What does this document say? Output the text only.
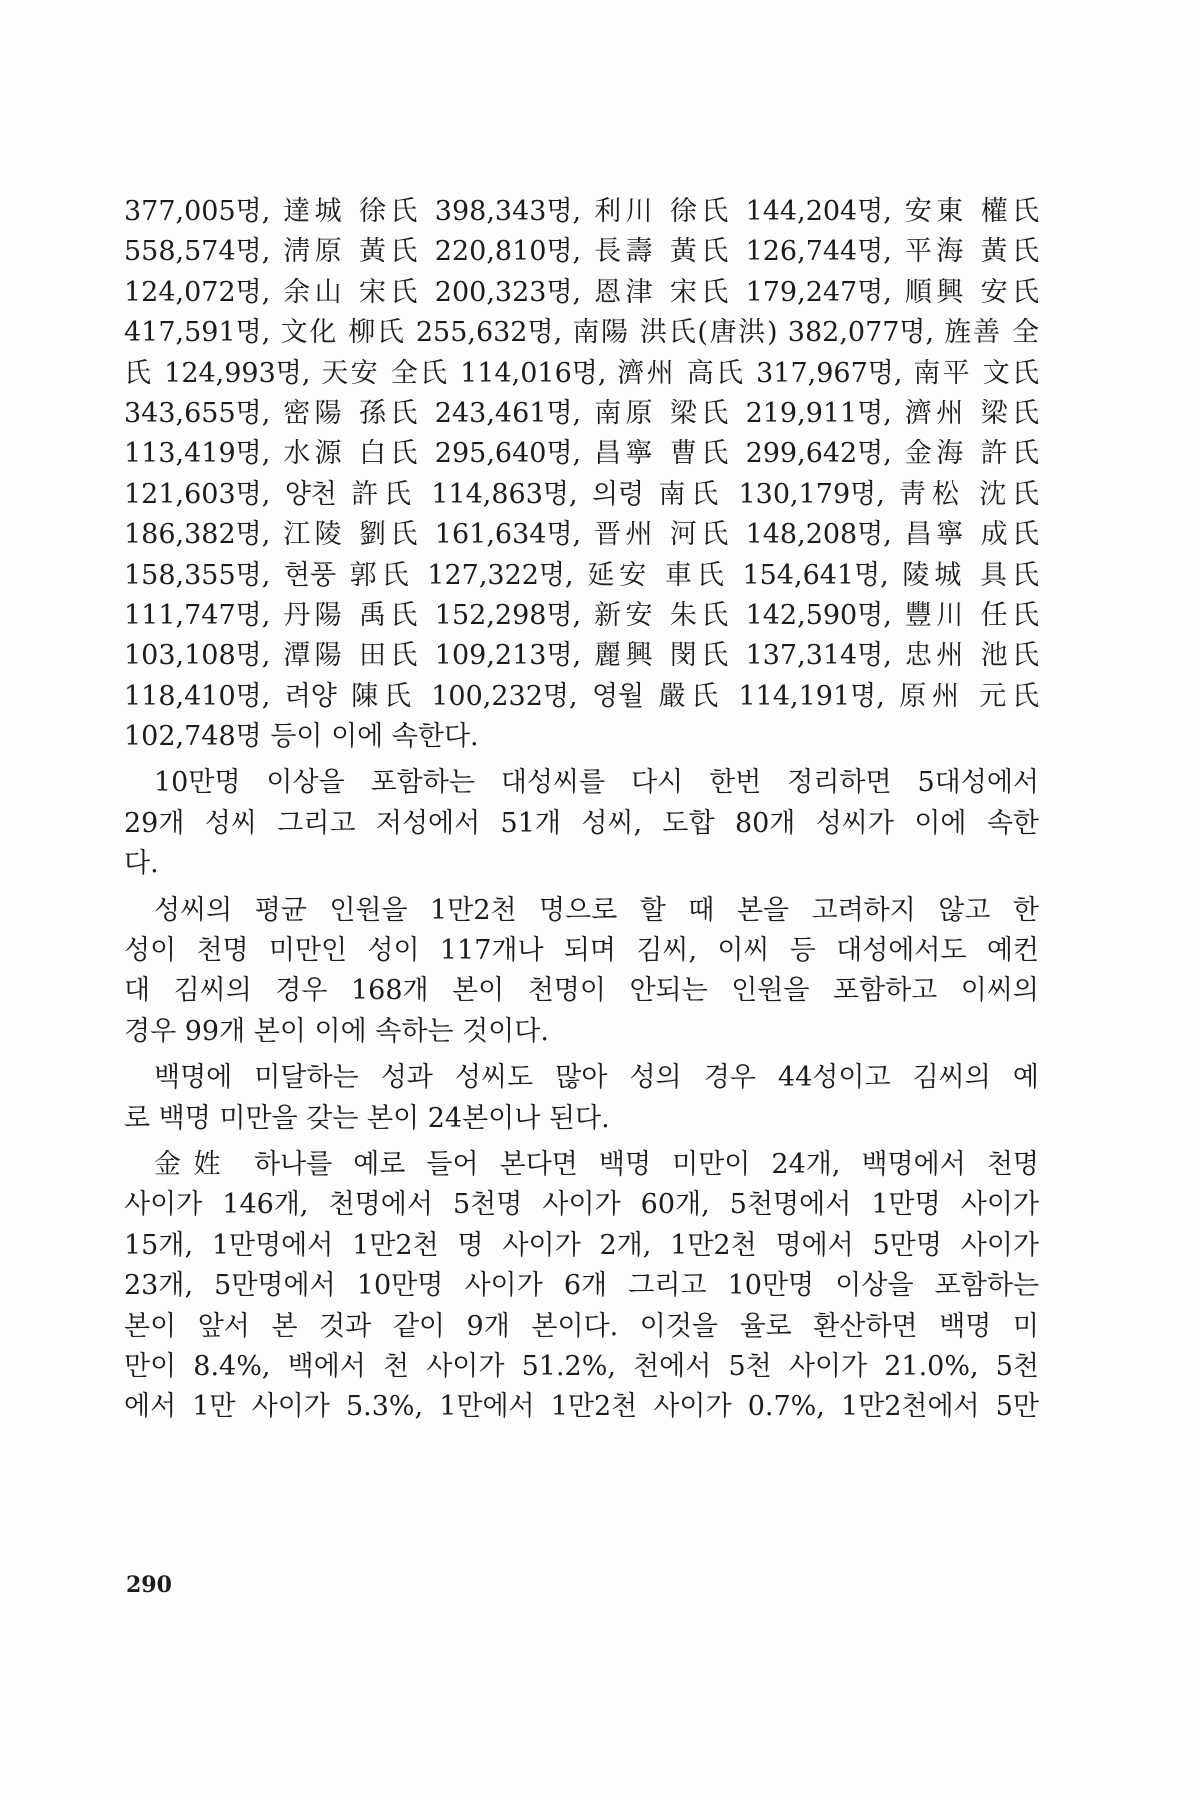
377,005명, 達城 徐氏 398,343명, 利川 徐氏 144,204명, 安東 權氏
558,574명, 淸原 黃氏 220,810명, 長壽 黃氏 126,744명, 平海 黃氏
124,072명, 余山 宋氏 200,323명, 恩津 宋氏 179,247명, 順興 安氏
417,591명, 文化 柳氏 255,632명, 南陽 洪氏(唐洪) 382,077명, 旌善 全
氏 124,993명, 天安 全氏 114,016명, 濟州 高氏 317,967명, 南平 文氏
343,655명, 密陽 孫氏 243,461명, 南原 梁氏 219,911명, 濟州 梁氏
113,419명, 水源 白氏 295,640명, 昌寧 曹氏 299,642명, 金海 許氏
121,603명, 양천 許氏 114,863명, 의령 南氏 130,179명, 靑松 沈氏
186,382명, 江陵 劉氏 161,634명, 晋州 河氏 148,208명, 昌寧 成氏
158,355명, 현풍 郭氏 127,322명, 延安 車氏 154,641명, 陵城 具氏
111,747명, 丹陽 禹氏 152,298명, 新安 朱氏 142,590명, 豐川 任氏
103,108명, 潭陽 田氏 109,213명, 麗興 閔氏 137,314명, 忠州 池氏
118,410명, 려양 陳氏 100,232명, 영월 嚴氏 114,191명, 原州 元氏
102,748명 등이 이에 속한다.
10만명 이상을 포함하는 대성씨를 다시 한번 정리하면 5대성에서
29개 성씨 그리고 저성에서 51개 성씨, 도합 80개 성씨가 이에 속한
다.
성씨의 평균 인원을 1만2천 명으로 할 때 본을 고려하지 않고 한
성이 천명 미만인 성이 117개나 되며 김씨, 이씨 등 대성에서도 예컨
대 김씨의 경우 168개 본이 천명이 안되는 인원을 포함하고 이씨의
경우 99개 본이 이에 속하는 것이다.
백명에 미달하는 성과 성씨도 많아 성의 경우 44성이고 김씨의 예
로 백명 미만을 갖는 본이 24본이나 된다.
金姓 하나를 예로 들어 본다면 백명 미만이 24개, 백명에서 천명
사이가 146개, 천명에서 5천명 사이가 60개, 5천명에서 1만명 사이가
15개, 1만명에서 1만2천 명 사이가 2개, 1만2천 명에서 5만명 사이가
23개, 5만명에서 10만명 사이가 6개 그리고 10만명 이상을 포함하는
본이 앞서 본 것과 같이 9개 본이다. 이것을 율로 환산하면 백명 미
만이 8.4%, 백에서 천 사이가 51.2%, 천에서 5천 사이가 21.0%, 5천
에서 1만 사이가 5.3%, 1만에서 1만2천 사이가 0.7%, 1만2천에서 5만
290
